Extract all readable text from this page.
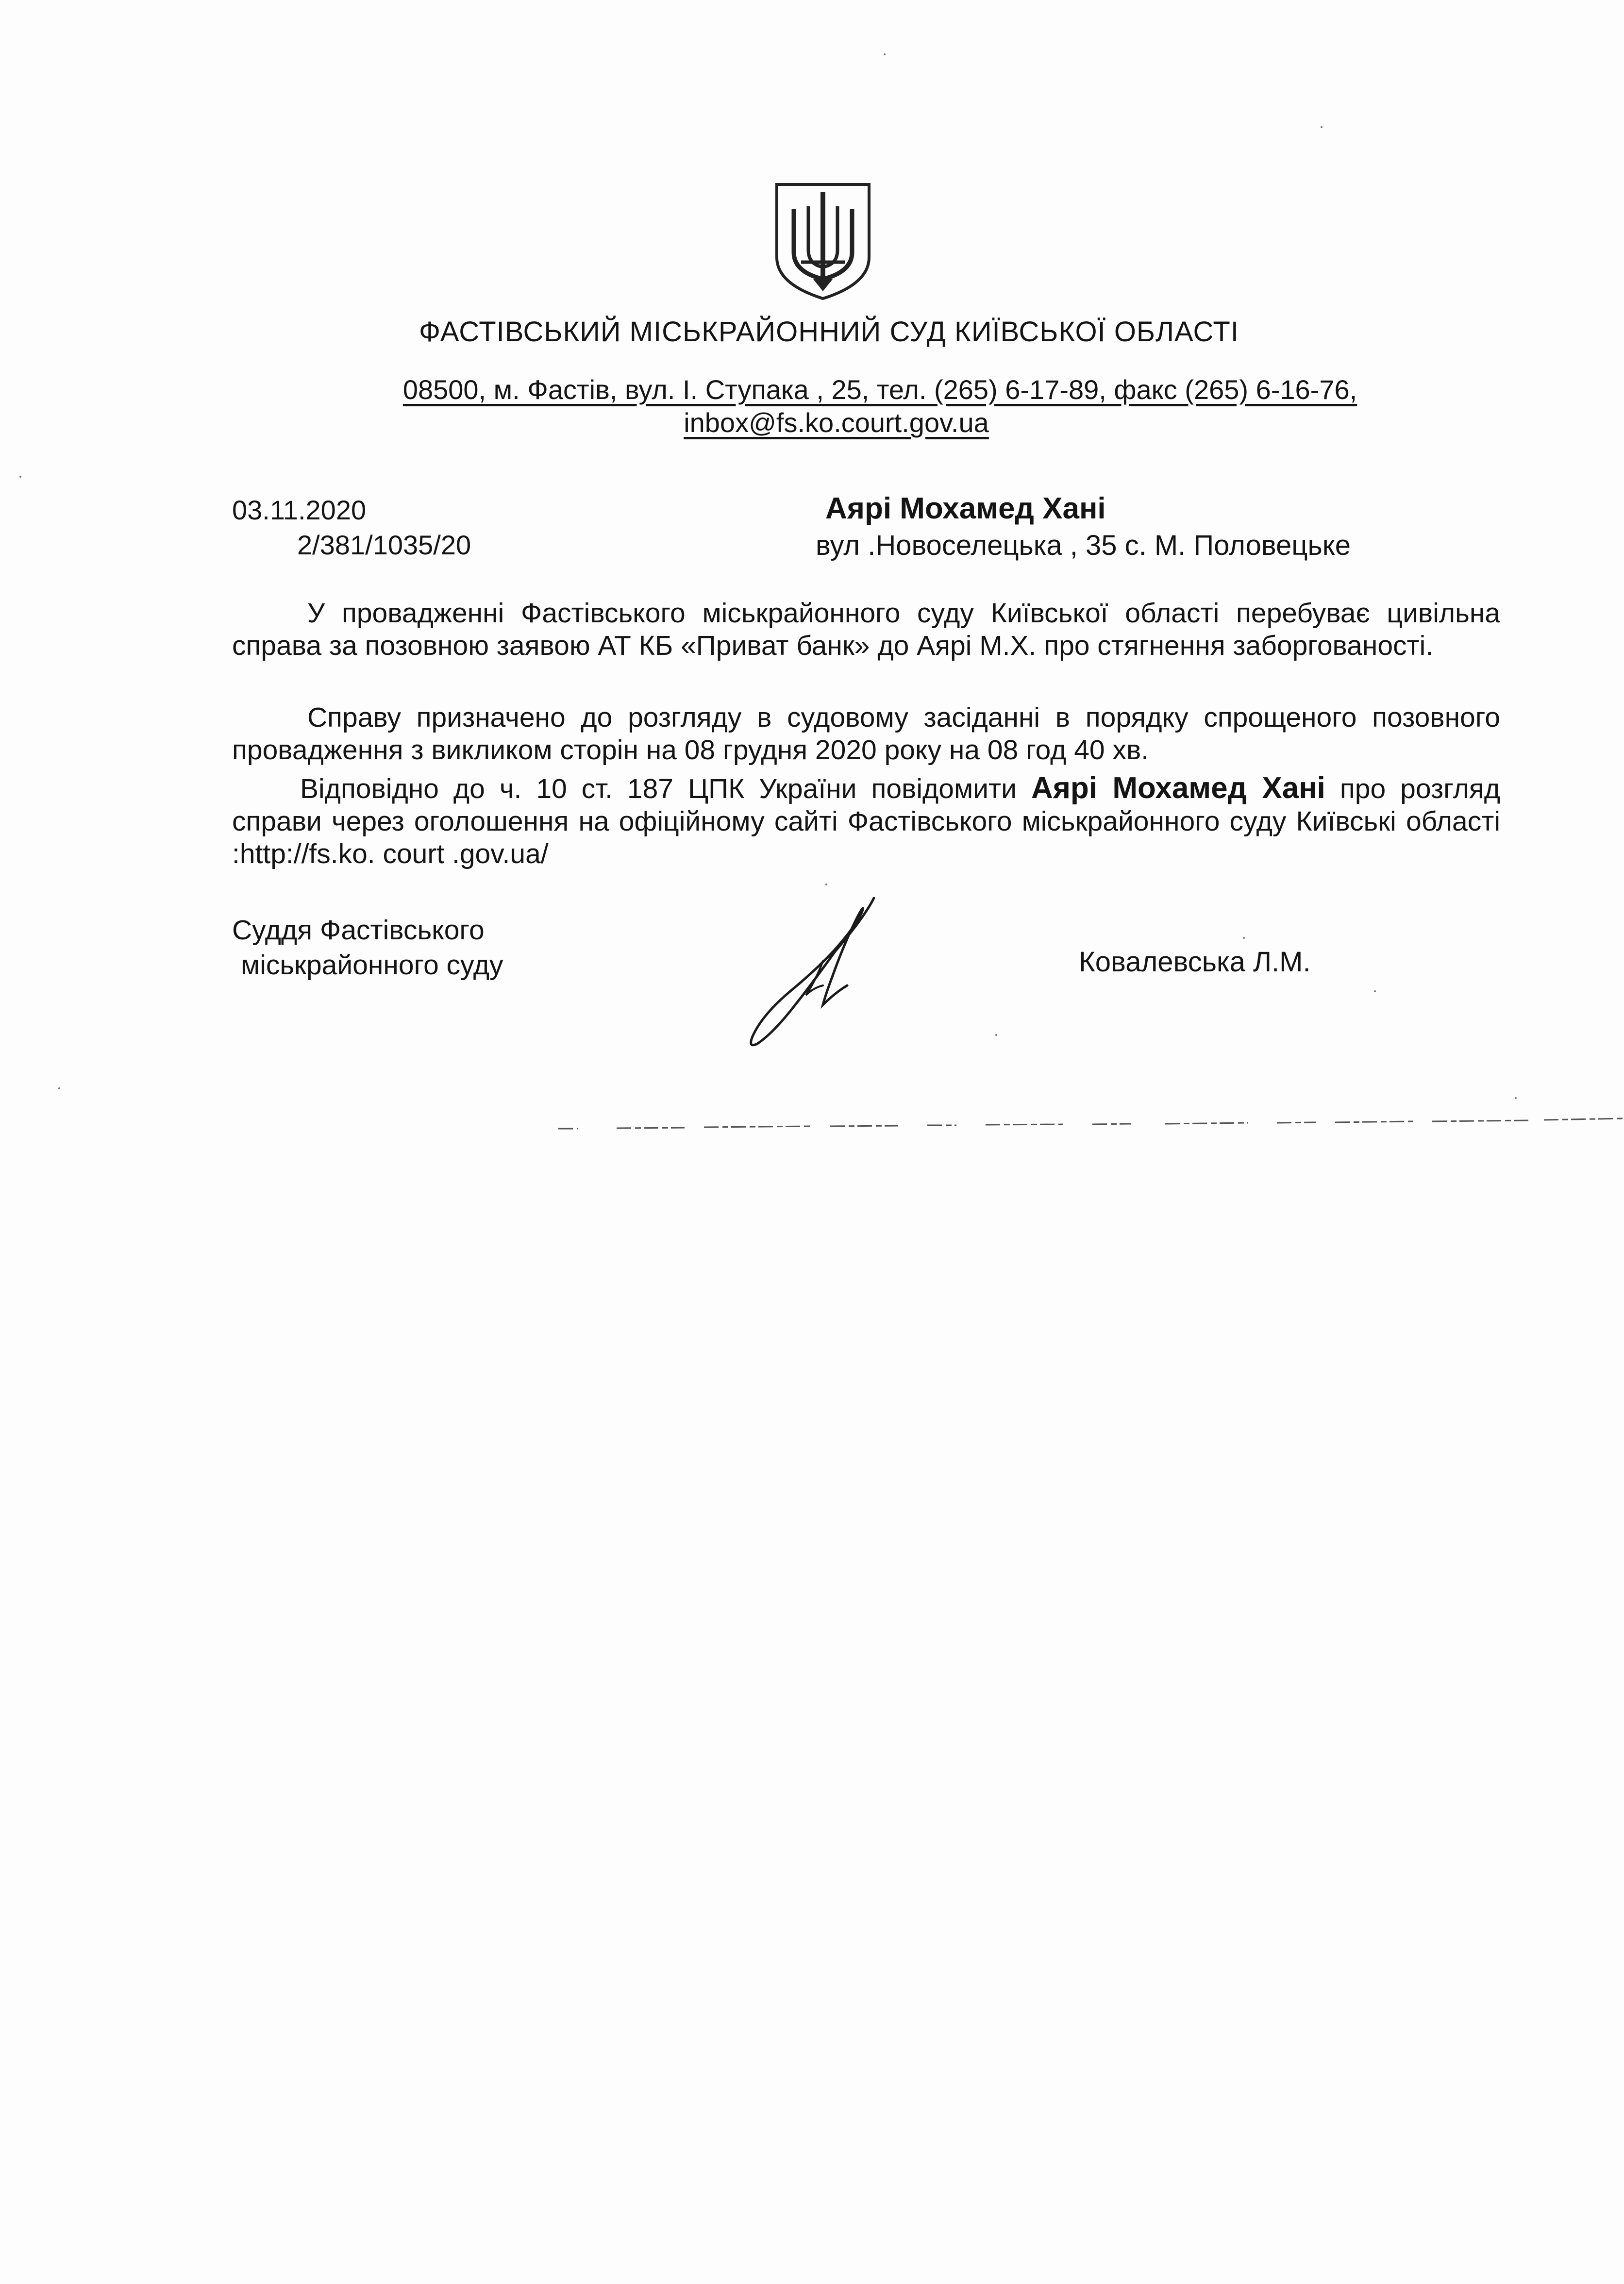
ФАСТІВСЬКИЙ МІСЬКРАЙОННИЙ СУД КИЇВСЬКОЇ ОБЛАСТІ
08500, м. Фастів, вул. І. Ступака , 25, тел. (265) 6-17-89, факс (265) 6-16-76,
inbox@fs.ko.court.gov.ua
03.11.2020
2/381/1035/20
Аярі Мохамед Хані
вул .Новоселецька , 35 с. М. Половецьке
У провадженні Фастівського міськрайонного суду Київської області перебуває цивільна справа за позовною заявою АТ КБ «Приват банк» до Аярі М.Х. про стягнення заборгованості.
Справу призначено до розгляду в судовому засіданні в порядку спрощеного позовного провадження з викликом сторін на 08 грудня 2020 року на 08 год 40 хв.
Відповідно до ч. 10 ст. 187 ЦПК України повідомити Аярі Мохамед Хані про розгляд справи через оголошення на офіційному сайті Фастівського міськрайонного суду Київські області :http://fs.ko. court .gov.ua/
Суддя Фастівського
міськрайонного суду	Ковалевська Л.М.
